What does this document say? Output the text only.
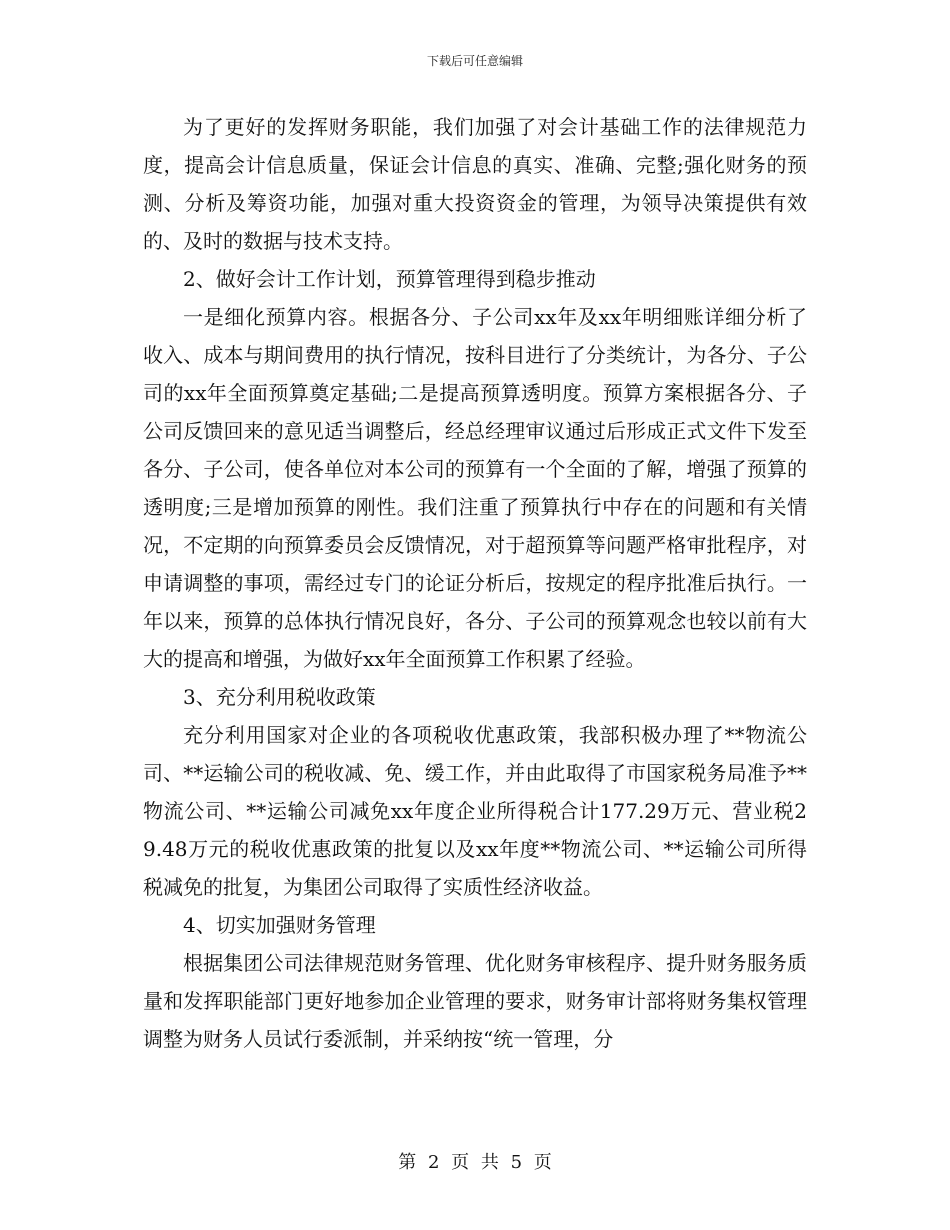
下载后可任意编辑

为了更好的发挥财务职能，我们加强了对会计基础工作的法律规范力度，提高会计信息质量，保证会计信息的真实、准确、完整;强化财务的预测、分析及筹资功能，加强对重大投资资金的管理，为领导决策提供有效的、及时的数据与技术支持。

2、做好会计工作计划，预算管理得到稳步推动

一是细化预算内容。根据各分、子公司xx年及xx年明细账详细分析了收入、成本与期间费用的执行情况，按科目进行了分类统计，为各分、子公司的xx年全面预算奠定基础;二是提高预算透明度。预算方案根据各分、子公司反馈回来的意见适当调整后，经总经理审议通过后形成正式文件下发至各分、子公司，使各单位对本公司的预算有一个全面的了解，增强了预算的透明度;三是增加预算的刚性。我们注重了预算执行中存在的问题和有关情况，不定期的向预算委员会反馈情况，对于超预算等问题严格审批程序，对申请调整的事项，需经过专门的论证分析后，按规定的程序批准后执行。一年以来，预算的总体执行情况良好，各分、子公司的预算观念也较以前有大大的提高和增强，为做好xx年全面预算工作积累了经验。

3、充分利用税收政策

充分利用国家对企业的各项税收优惠政策，我部积极办理了**物流公司、**运输公司的税收减、免、缓工作，并由此取得了市国家税务局准予**物流公司、**运输公司减免xx年度企业所得税合计177.29万元、营业税29.48万元的税收优惠政策的批复以及xx年度**物流公司、**运输公司所得税减免的批复，为集团公司取得了实质性经济收益。

4、切实加强财务管理

根据集团公司法律规范财务管理、优化财务审核程序、提升财务服务质量和发挥职能部门更好地参加企业管理的要求，财务审计部将财务集权管理调整为财务人员试行委派制，并采纳按“统一管理，分

第 2 页 共 5 页
